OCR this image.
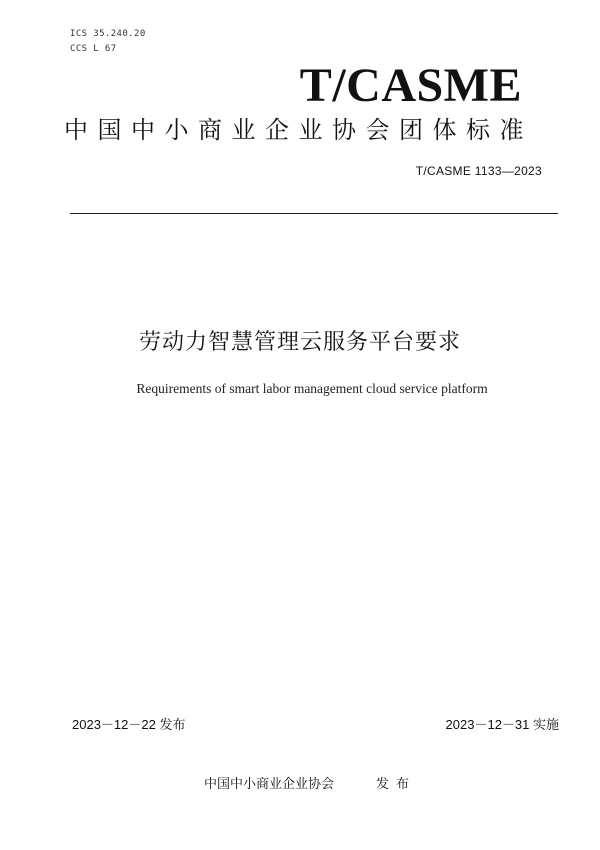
ICS 35.240.20
CCS L 67
T/CASME
中国中小商业企业协会团体标准
T/CASME 1133—2023
劳动力智慧管理云服务平台要求
Requirements of smart labor management cloud service platform
2023－12－22 发布	2023－12－31 实施
中国中小商业企业协会	发布
